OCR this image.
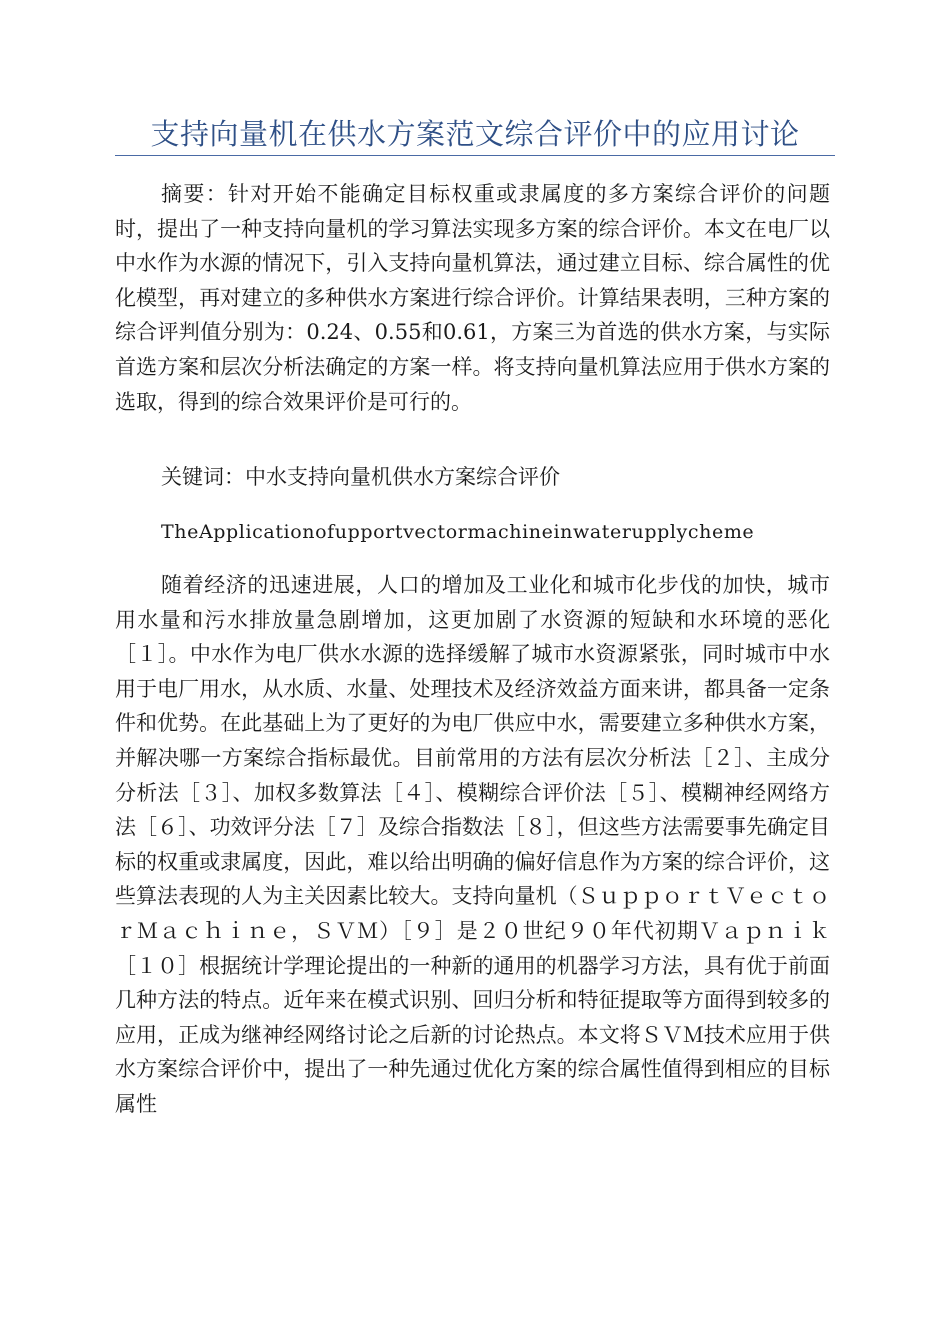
支持向量机在供水方案范文综合评价中的应用讨论

摘要：针对开始不能确定目标权重或隶属度的多方案综合评价的问题时，提出了一种支持向量机的学习算法实现多方案的综合评价。本文在电厂以中水作为水源的情况下，引入支持向量机算法，通过建立目标、综合属性的优化模型，再对建立的多种供水方案进行综合评价。计算结果表明，三种方案的综合评判值分别为：0.24、0.55和0.61，方案三为首选的供水方案，与实际首选方案和层次分析法确定的方案一样。将支持向量机算法应用于供水方案的选取，得到的综合效果评价是可行的。

关键词：中水支持向量机供水方案综合评价

TheApplicationofupportvectormachineinwaterupplycheme

随着经济的迅速进展，人口的增加及工业化和城市化步伐的加快，城市用水量和污水排放量急剧增加，这更加剧了水资源的短缺和水环境的恶化［１］。中水作为电厂供水水源的选择缓解了城市水资源紧张，同时城市中水用于电厂用水，从水质、水量、处理技术及经济效益方面来讲，都具备一定条件和优势。在此基础上为了更好的为电厂供应中水，需要建立多种供水方案，并解决哪一方案综合指标最优。目前常用的方法有层次分析法［２］、主成分分析法［３］、加权多数算法［４］、模糊综合评价法［５］、模糊神经网络方法［６］、功效评分法［７］及综合指数法［８］，但这些方法需要事先确定目标的权重或隶属度，因此，难以给出明确的偏好信息作为方案的综合评价，这些算法表现的人为主关因素比较大。支持向量机（ＳｕｐｐｏｒｔＶｅｃｔｏｒＭａｃｈｉｎｅ，ＳＶＭ）［９］是２０世纪９０年代初期Ｖａｐｎｉｋ［１０］根据统计学理论提出的一种新的通用的机器学习方法，具有优于前面几种方法的特点。近年来在模式识别、回归分析和特征提取等方面得到较多的应用，正成为继神经网络讨论之后新的讨论热点。本文将ＳＶＭ技术应用于供水方案综合评价中，提出了一种先通过优化方案的综合属性值得到相应的目标属性
